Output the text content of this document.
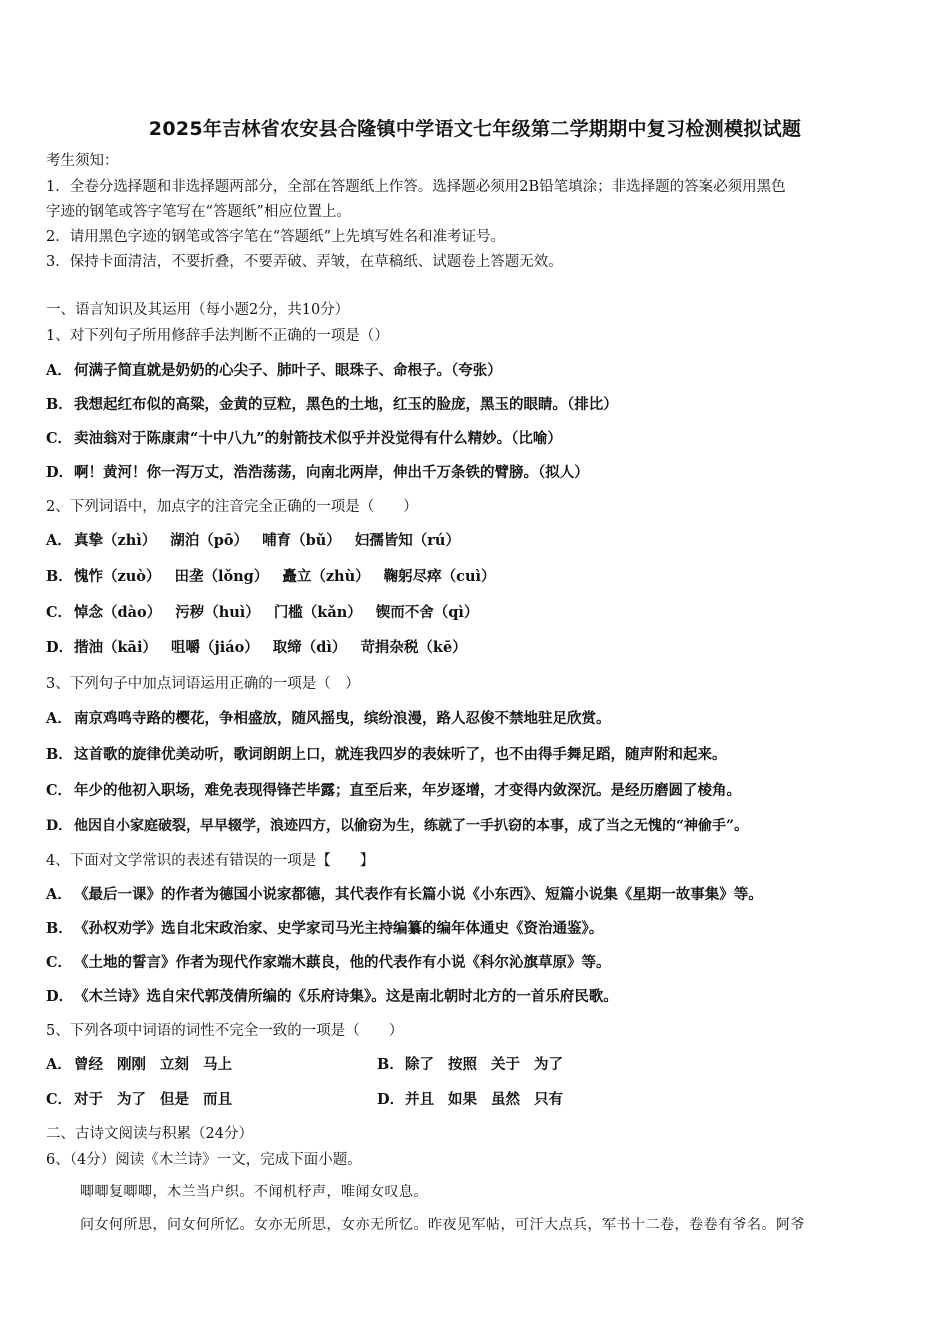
2025年吉林省农安县合隆镇中学语文七年级第二学期期中复习检测模拟试题
考生须知：
1．全卷分选择题和非选择题两部分，全部在答题纸上作答。选择题必须用2B铅笔填涂；非选择题的答案必须用黑色
字迹的钢笔或答字笔写在“答题纸”相应位置上。
2．请用黑色字迹的钢笔或答字笔在“答题纸”上先填写姓名和准考证号。
3．保持卡面清洁，不要折叠，不要弄破、弄皱，在草稿纸、试题卷上答题无效。
一、语言知识及其运用（每小题2分，共10分）
1、对下列句子所用修辞手法判断不正确的一项是（）
A． 何满子简直就是奶奶的心尖子、肺叶子、眼珠子、命根子。（夸张）
B．我想起红布似的高粱，金黄的豆粒，黑色的土地，红玉的脸庞，黑玉的眼睛。（排比）
C． 卖油翁对于陈康肃“十中八九”的射箭技术似乎并没觉得有什么精妙。（比喻）
D．啊！黄河！你一泻万丈，浩浩荡荡，向南北两岸，伸出千万条铁的臂膀。（拟人）
2、下列词语中，加点字的注音完全正确的一项是（　　）
A． 真挚（zhì） 湖泊（pō） 哺育（bǔ） 妇孺皆知（rú）
B．愧怍（zuò） 田垄（lǒng） 矗立（zhù） 鞠躬尽瘁（cuì）
C． 悼念（dào） 污秽（huì） 门槛（kǎn） 锲而不舍（qì）
D．揩油（kāi） 咀嚼（jiáo） 取缔（dì） 苛捐杂税（kē）
3、下列句子中加点词语运用正确的一项是（　）
A． 南京鸡鸣寺路的樱花，争相盛放，随风摇曳，缤纷浪漫，路人忍俊不禁地驻足欣赏。
B．这首歌的旋律优美动听，歌词朗朗上口，就连我四岁的表妹听了，也不由得手舞足蹈，随声附和起来。
C． 年少的他初入职场，难免表现得锋芒毕露；直至后来，年岁逐增，才变得内敛深沉。是经历磨圆了棱角。
D． 他因自小家庭破裂，早早辍学，浪迹四方，以偷窃为生，练就了一手扒窃的本事，成了当之无愧的“神偷手”。
4、下面对文学常识的表述有错误的一项是【　　】
A． 《最后一课》的作者为德国小说家都德，其代表作有长篇小说《小东西》、短篇小说集《星期一故事集》等。
B．《孙权劝学》选自北宋政治家、史学家司马光主持编纂的编年体通史《资治通鉴》。
C． 《土地的誓言》作者为现代作家端木蕻良，他的代表作有小说《科尔沁旗草原》等。
D．《木兰诗》选自宋代郭茂倩所编的《乐府诗集》。这是南北朝时北方的一首乐府民歌。
5、下列各项中词语的词性不完全一致的一项是（　　）
A． 曾经 刚刚 立刻 马上	B．除了 按照 关于 为了
C． 对于 为了 但是 而且	D．并且 如果 虽然 只有
二、古诗文阅读与积累（24分）
6、（4分）阅读《木兰诗》一文，完成下面小题。
唧唧复唧唧，木兰当户织。不闻机杼声，唯闻女叹息。
问女何所思，问女何所忆。女亦无所思，女亦无所忆。昨夜见军帖，可汗大点兵，军书十二卷，卷卷有爷名。阿爷
